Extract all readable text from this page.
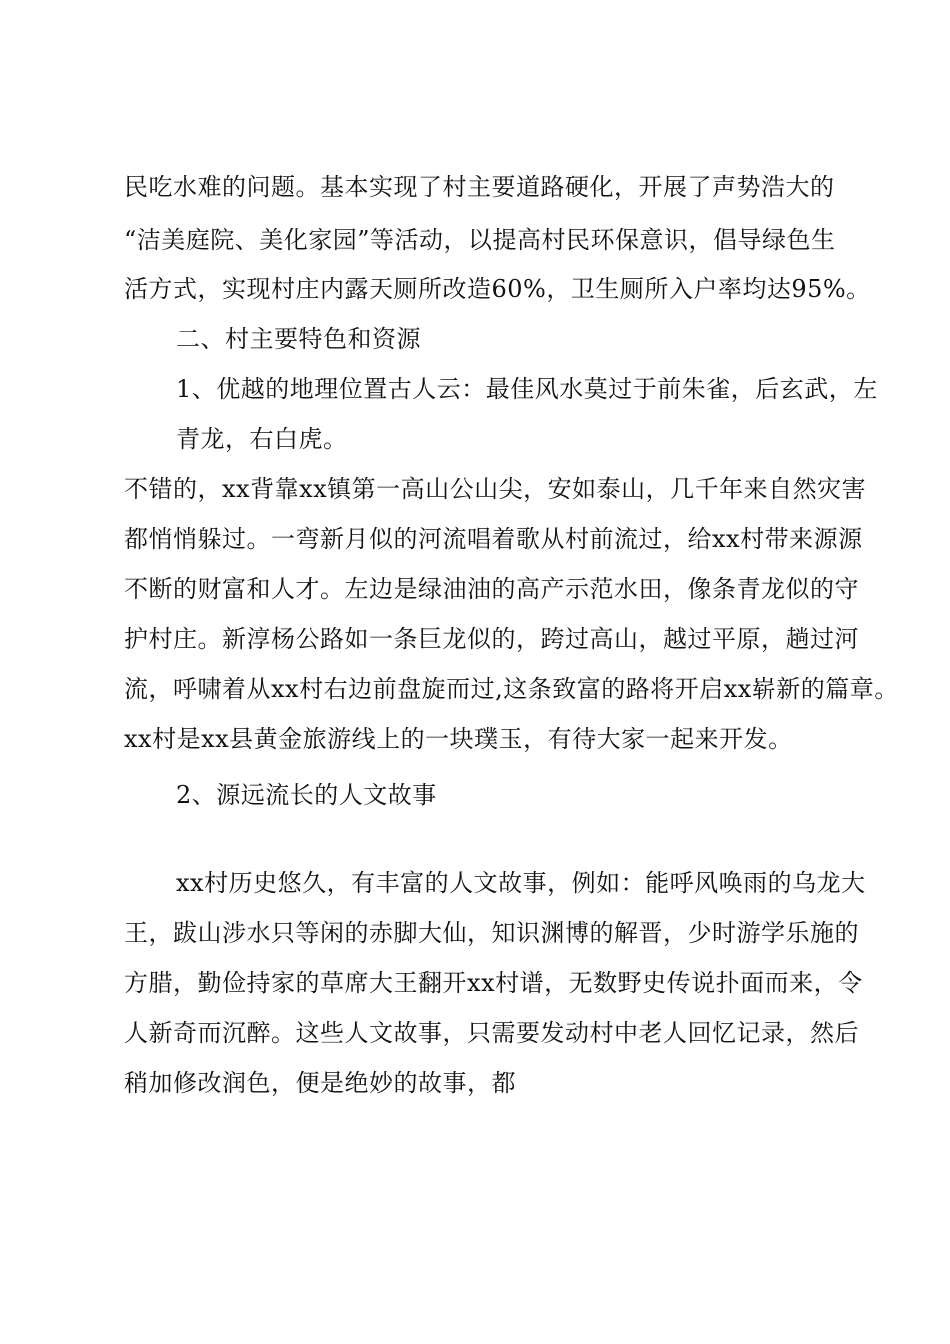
民吃水难的问题。基本实现了村主要道路硬化，开展了声势浩大的
“洁美庭院、美化家园”等活动，以提高村民环保意识，倡导绿色生
活方式，实现村庄内露天厕所改造60%，卫生厕所入户率均达95%。
二、村主要特色和资源
1、优越的地理位置古人云：最佳风水莫过于前朱雀，后玄武，左
青龙，右白虎。
不错的，xx背靠xx镇第一高山公山尖，安如泰山，几千年来自然灾害
都悄悄躲过。一弯新月似的河流唱着歌从村前流过，给xx村带来源源
不断的财富和人才。左边是绿油油的高产示范水田，像条青龙似的守
护村庄。新淳杨公路如一条巨龙似的，跨过高山，越过平原，趟过河
流，呼啸着从xx村右边前盘旋而过,这条致富的路将开启xx崭新的篇章。
xx村是xx县黄金旅游线上的一块璞玉，有待大家一起来开发。
2、源远流长的人文故事
xx村历史悠久，有丰富的人文故事，例如：能呼风唤雨的乌龙大
王，跋山涉水只等闲的赤脚大仙，知识渊博的解晋，少时游学乐施的
方腊，勤俭持家的草席大王翻开xx村谱，无数野史传说扑面而来，令
人新奇而沉醉。这些人文故事，只需要发动村中老人回忆记录，然后
稍加修改润色，便是绝妙的故事，都
